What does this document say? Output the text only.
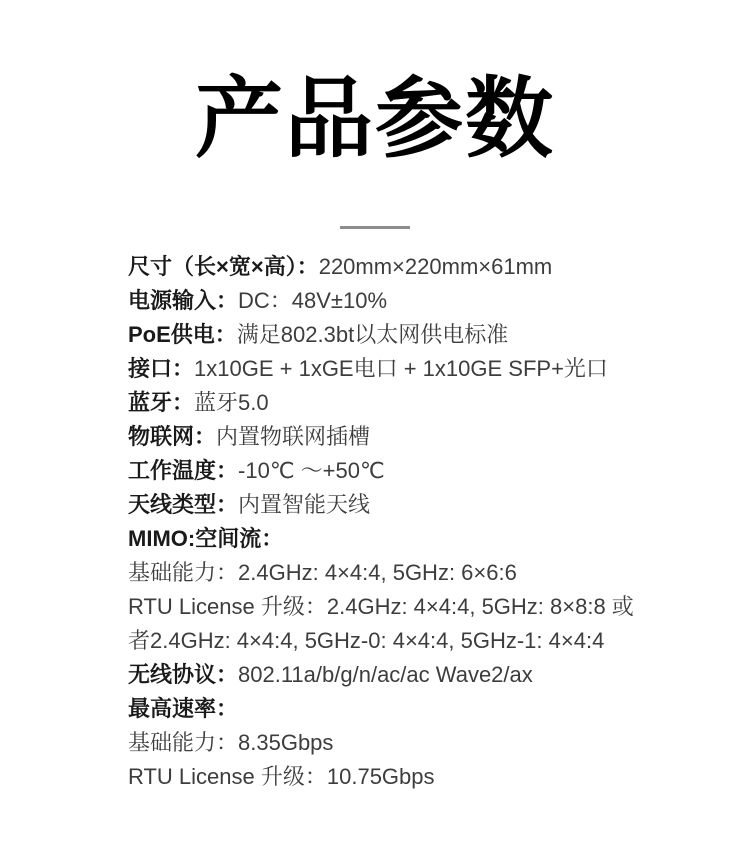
产品参数
尺寸（长×宽×高）：220mm×220mm×61mm
电源输入：DC：48V±10%
PoE供电：满足802.3bt以太网供电标准
接口：1x10GE + 1xGE电口 + 1x10GE SFP+光口
蓝牙：蓝牙5.0
物联网：内置物联网插槽
工作温度：-10℃ ～+50℃
天线类型：内置智能天线
MIMO:空间流：
基础能力：2.4GHz: 4×4:4, 5GHz: 6×6:6
RTU License 升级：2.4GHz: 4×4:4, 5GHz: 8×8:8 或
者2.4GHz: 4×4:4, 5GHz-0: 4×4:4, 5GHz-1: 4×4:4
无线协议：802.11a/b/g/n/ac/ac Wave2/ax
最高速率：
基础能力：8.35Gbps
RTU License 升级：10.75Gbps
